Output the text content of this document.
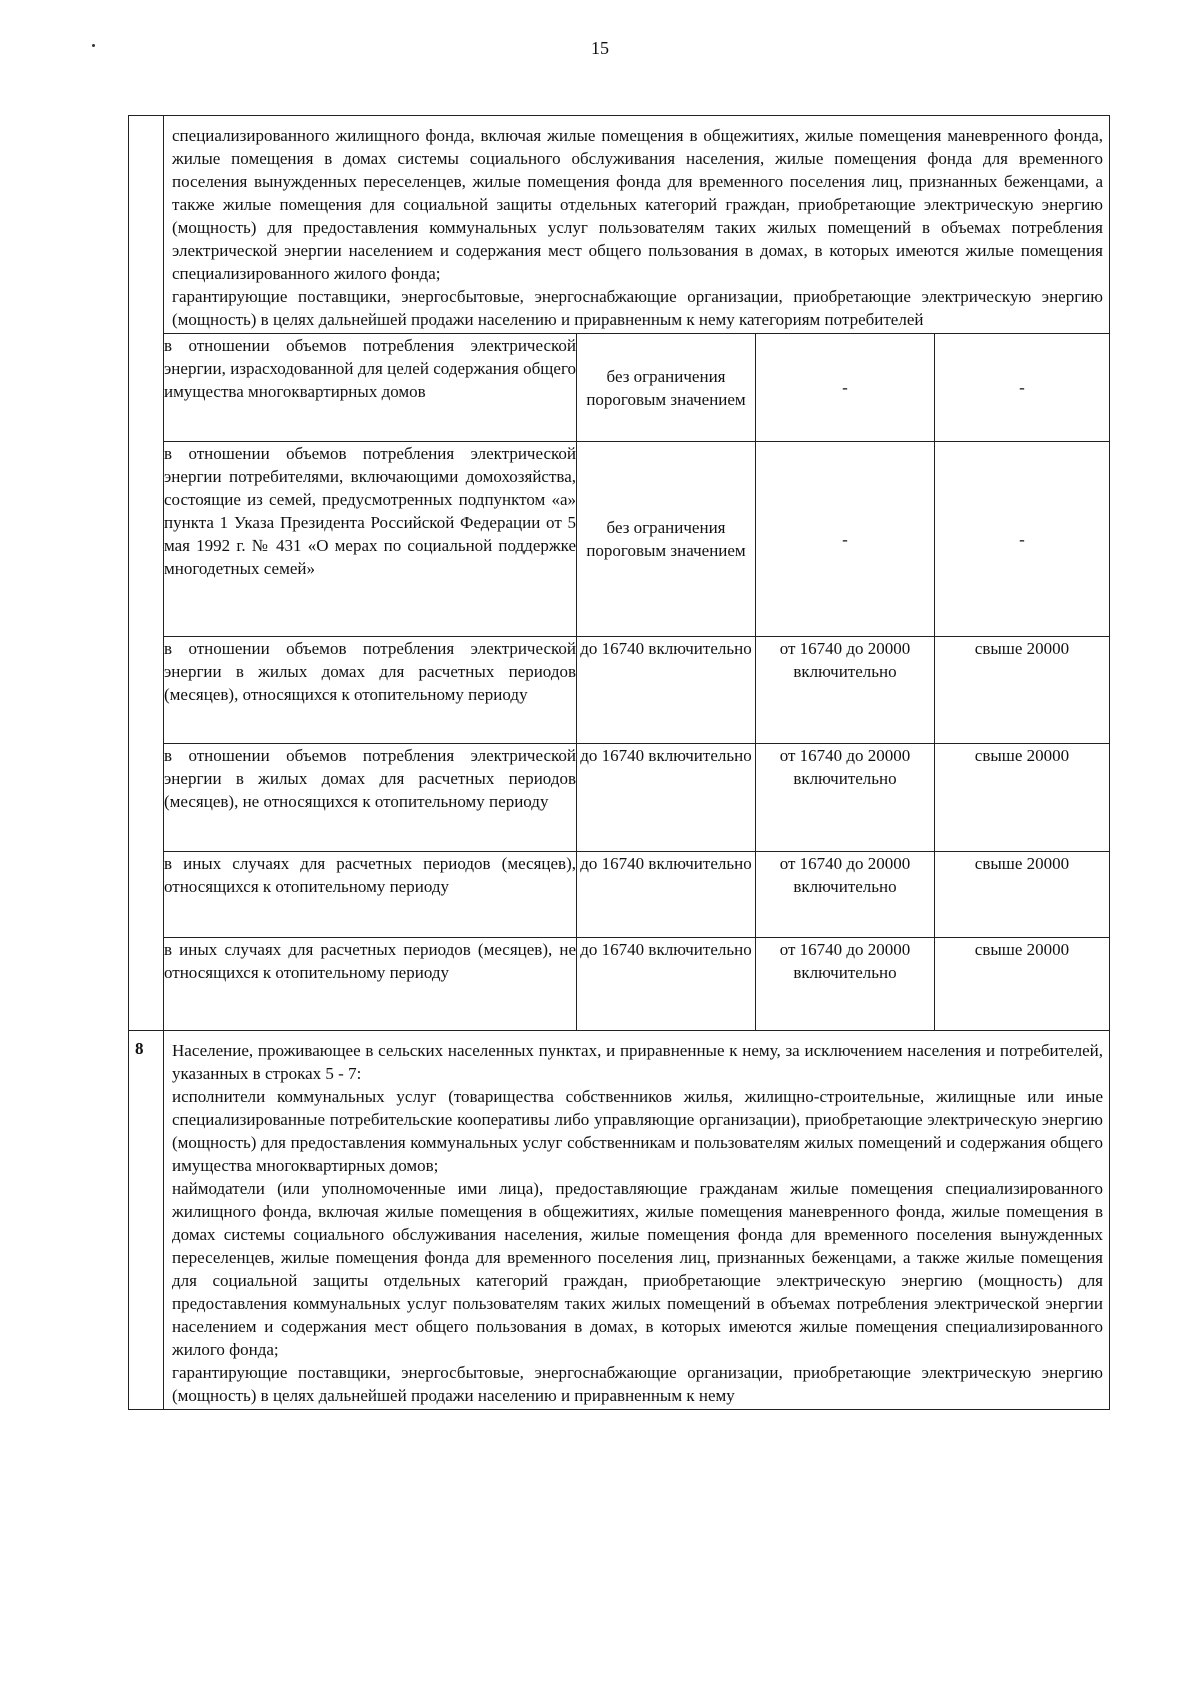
15

специализированного жилищного фонда, включая жилые помещения в общежитиях, жилые помещения маневренного фонда, жилые помещения в домах системы социального обслуживания населения, жилые помещения фонда для временного поселения вынужденных переселенцев, жилые помещения фонда для временного поселения лиц, признанных беженцами, а также жилые помещения для социальной защиты отдельных категорий граждан, приобретающие электрическую энергию (мощность) для предоставления коммунальных услуг пользователям таких жилых помещений в объемах потребления электрической энергии населением и содержания мест общего пользования в домах, в которых имеются жилые помещения специализированного жилого фонда;

гарантирующие поставщики, энергосбытовые, энергоснабжающие организации, приобретающие электрическую энергию (мощность) в целях дальнейшей продажи населению и приравненным к нему категориям потребителей

в отношении объемов потребления электрической энергии, израсходованной для целей содержания общего имущества многоквартирных домов	без ограничения пороговым значением	-	-
в отношении объемов потребления электрической энергии потребителями, включающими домохозяйства, состоящие из семей, предусмотренных подпунктом «а» пункта 1 Указа Президента Российской Федерации от 5 мая 1992 г. № 431 «О мерах по социальной поддержке многодетных семей»	без ограничения пороговым значением	-	-
в отношении объемов потребления электрической энергии в жилых домах для расчетных периодов (месяцев), относящихся к отопительному периоду	до 16740 включительно	от 16740 до 20000 включительно	свыше 20000
в отношении объемов потребления электрической энергии в жилых домах для расчетных периодов (месяцев), не относящихся к отопительному периоду	до 16740 включительно	от 16740 до 20000 включительно	свыше 20000
в иных случаях для расчетных периодов (месяцев), относящихся к отопительному периоду	до 16740 включительно	от 16740 до 20000 включительно	свыше 20000
в иных случаях для расчетных периодов (месяцев), не относящихся к отопительному периоду	до 16740 включительно	от 16740 до 20000 включительно	свыше 20000

8	Население, проживающее в сельских населенных пунктах, и приравненные к нему, за исключением населения и потребителей, указанных в строках 5 - 7:

исполнители коммунальных услуг (товарищества собственников жилья, жилищно-строительные, жилищные или иные специализированные потребительские кооперативы либо управляющие организации), приобретающие электрическую энергию (мощность) для предоставления коммунальных услуг собственникам и пользователям жилых помещений и содержания общего имущества многоквартирных домов;

наймодатели (или уполномоченные ими лица), предоставляющие гражданам жилые помещения специализированного жилищного фонда, включая жилые помещения в общежитиях, жилые помещения маневренного фонда, жилые помещения в домах системы социального обслуживания населения, жилые помещения фонда для временного поселения вынужденных переселенцев, жилые помещения фонда для временного поселения лиц, признанных беженцами, а также жилые помещения для социальной защиты отдельных категорий граждан, приобретающие электрическую энергию (мощность) для предоставления коммунальных услуг пользователям таких жилых помещений в объемах потребления электрической энергии населением и содержания мест общего пользования в домах, в которых имеются жилые помещения специализированного жилого фонда;

гарантирующие поставщики, энергосбытовые, энергоснабжающие организации, приобретающие электрическую энергию (мощность) в целях дальнейшей продажи населению и приравненным к нему
